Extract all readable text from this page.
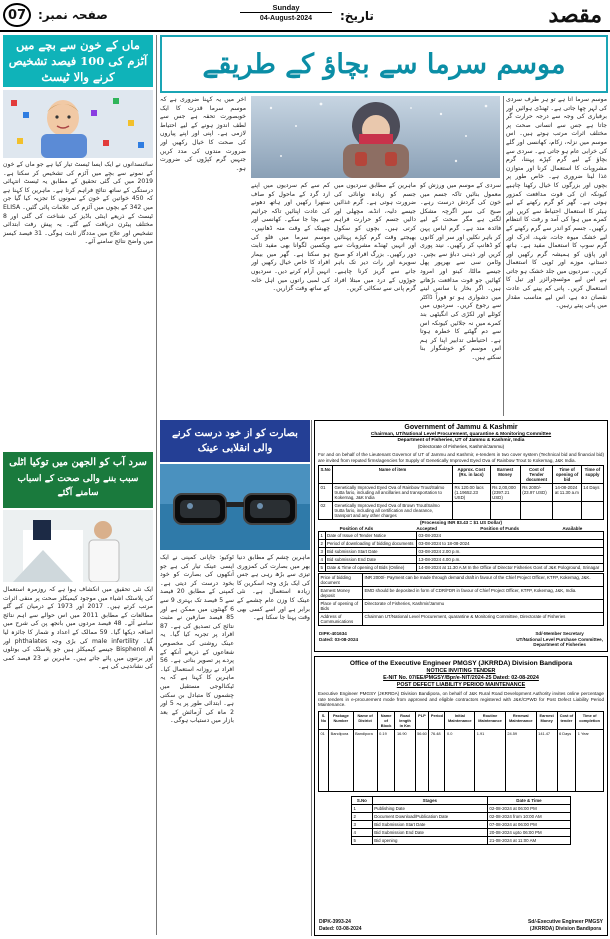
مقصد
تاریخ:
Sunday
04-August-2024
صفحہ نمبر:
07
موسم سرما سے بچاؤ کے طریقے
ماں کے خون سے بچے میں آٹزم کی 100 فیصد تشخیص کرنے والا ٹیسٹ
سائنسدانوں نے ایک ایسا ٹیسٹ تیار کیا ہے جو ماں کے خون کے نمونے سے بچے میں آٹزم کی تشخیص کر سکتا ہے۔ 2019 میں کی گئی تحقیق کے مطابق یہ ٹیسٹ انتہائی درستگی کے ساتھ نتائج فراہم کرتا ہے۔ ماہرین کا کہنا ہے کہ 450 خواتین کے خون کے نمونوں کا تجزیہ کیا گیا جن میں 342 کے بچوں میں آٹزم کی علامات پائی گئیں۔ ELISA ٹیسٹ کے ذریعے اینٹی باڈیز کی شناخت کی گئی اور 8 مختلف پیٹرن دریافت کیے گئے۔ یہ پیش رفت ابتدائی تشخیص اور علاج میں مددگار ثابت ہوگی۔ 31 فیصد کیسز میں واضح نتائج سامنے آئے۔
سرد آب کو الجھن میں توکیا اٹلی
سبب بننے والی صحت کے اسباب سامنے آگئے
ایک نئی تحقیق میں انکشاف ہوا ہے کہ روزمرہ استعمال کی پلاسٹک اشیاء میں موجود کیمیکلز صحت پر منفی اثرات مرتب کرتے ہیں۔ 2017 اور 1973 کے درمیان کیے گئے مطالعات کے مطابق 2011 میں اس حوالے سے اہم نتائج سامنے آئے۔ 48 فیصد مردوں میں بانجھ پن کی شرح میں اضافہ دیکھا گیا۔ 59 ممالک کے اعداد و شمار کا جائزہ لیا گیا۔ male infertility کی بڑی وجہ phthalates اور Bisphenol A جیسے کیمیکلز ہیں جو پلاسٹک کی بوتلوں اور برتنوں میں پائے جاتے ہیں۔ ماہرین نے 23 فیصد کمی کی نشاندہی کی ہے۔
موسم سرما آتا ہے تو ہر طرف سردی کی لہر چھا جاتی ہے۔ ٹھنڈی ہوائیں اور برفباری کی وجہ سے درجہ حرارت گر جاتا ہے جس سے انسانی صحت پر مختلف اثرات مرتب ہوتے ہیں۔ اس موسم میں نزلہ، زکام، کھانسی اور گلے کی خرابی عام ہو جاتی ہے۔ سردی سے بچاؤ کے لیے گرم کپڑے پہننا، گرم مشروبات کا استعمال کرنا اور متوازن غذا لینا ضروری ہے۔ خاص طور پر بچوں اور بزرگوں کا خیال رکھنا چاہیے کیونکہ ان کی قوت مدافعت کمزور ہوتی ہے۔ گھر کو گرم رکھنے کے لیے ہیٹر کا استعمال احتیاط سے کریں اور کمرے میں ہوا کی آمد و رفت کا انتظام رکھیں۔ جسم کو اندر سے گرم رکھنے کے لیے خشک میوہ جات، شہد، ادرک اور گرم سوپ کا استعمال مفید ہے۔ ہاتھ اور پاؤں کو ہمیشہ گرم رکھیں اور دستانے، موزے اور ٹوپی کا استعمال کریں۔ سردیوں میں جلد خشک ہو جاتی ہے اس لیے موئسچرائزر اور تیل کا استعمال کریں۔ پانی کم پینے کی عادت نقصان دہ ہے، اس لیے مناسب مقدار میں پانی پیتے رہیں۔
سردی کے موسم میں ورزش کو معمول بنائیں تاکہ جسم میں خون کی گردش درست رہے۔ صبح کی سیر اگرچہ مشکل لگتی ہے مگر صحت کے لیے فائدہ مند ہے۔ گرم لباس پہن کر باہر نکلیں اور سر اور کانوں کو ڈھانپ کر رکھیں۔ نیند پوری کریں اور ذہنی دباؤ سے بچیں۔ وٹامن سی سے بھرپور پھل جیسے مالٹا، کینو اور امرود کھائیں جو قوت مدافعت بڑھاتے ہیں۔ اگر بخار یا سانس لینے میں دشواری ہو تو فوراً ڈاکٹر سے رجوع کریں۔ سردیوں میں کوئلے اور لکڑی کی انگیٹھی بند کمرے میں نہ جلائیں کیونکہ اس سے دم گھٹنے کا خطرہ ہوتا ہے۔ احتیاطی تدابیر اپنا کر ہم اس موسم کو خوشگوار بنا سکتے ہیں۔
ماہرین کے مطابق سردیوں میں جسم کو زیادہ توانائی کی ضرورت ہوتی ہے۔ گرم غذائیں جیسے دلیہ، انڈے، مچھلی اور دالیں جسم کو حرارت فراہم کرتی ہیں۔ بچوں کو سکول بھیجتے وقت گرم کپڑے پہنائیں اور انہیں ٹھنڈے مشروبات سے دور رکھیں۔ بزرگ افراد کو صبح سویرے اور رات دیر تک باہر جانے سے گریز کرنا چاہیے۔ جوڑوں کے درد میں مبتلا افراد گرم پانی سے سکائی کریں۔
کم سے کم سردیوں میں اپنے ارد گرد کے ماحول کو صاف ستھرا رکھیں اور ہاتھ دھونے کی عادت اپنائیں تاکہ جراثیم سے بچا جا سکے۔ کھانسی اور چھینک کے وقت منہ ڈھانپیں۔ موسم سرما میں فلو کی ویکسین لگوانا بھی مفید ثابت ہو سکتا ہے۔ گھر میں بیمار افراد کا خاص خیال رکھیں اور انہیں آرام کرنے دیں۔ سردیوں کی لمبی راتوں میں اہل خانہ کے ساتھ وقت گزاریں۔
آخر میں یہ کہنا ضروری ہے کہ موسم سرما قدرت کا ایک خوبصورت تحفہ ہے جس سے لطف اندوز ہونے کے لیے احتیاط لازمی ہے۔ اپنی اور اپنے پیاروں کی صحت کا خیال رکھیں اور ضرورت مندوں کی مدد کریں جنہیں گرم کپڑوں کی ضرورت ہو۔
بصارت کو از خود درست کرنے والی انقلابی عینک
ٹوکیو: جاپانی کمپنی نے ایک ایسی عینک تیار کی ہے جو آنکھوں کی بصارت کو خود بخود درست کر دیتی ہے۔ کمپنی کے مطابق 20 فیصد سے 5 فیصد تک بہتری 9 سے 6 گھنٹوں میں ممکن ہے اور 85 فیصد صارفین نے مثبت نتائج کی تصدیق کی ہے۔ 87 افراد پر تجربہ کیا گیا۔ یہ عینک روشنی کی مخصوص شعاعوں کے ذریعے آنکھ کے پردے پر تصویر بناتی ہے۔ 56 افراد نے روزانہ استعمال کیا۔ ماہرین کا کہنا ہے کہ یہ ٹیکنالوجی مستقبل میں چشموں کا متبادل بن سکتی ہے۔ ابتدائی طور پر یہ 5 اور 2 ماہ کی آزمائش کے بعد بازار میں دستیاب ہوگی۔
ماہرین چشم کے مطابق دنیا بھر میں بصارت کی کمزوری تیزی سے بڑھ رہی ہے جس کی ایک بڑی وجہ اسکرین کا زیادہ استعمال ہے۔ نئی عینک کا وزن عام چشمے کے برابر ہے اور اسے کسی بھی وقت پہنا جا سکتا ہے۔
Government of Jammu & Kashmir
Chairman, UT/National Level Procurement, quarantine & Monitoring Committee
Department of Fisheries, UT of Jammu & Kashmir, India
(Directorate of Fisheries, Kashmir/Jammu)
For and on behalf of the Lieutenant Governor of UT of Jammu and Kashmir, e-tenders in two cover system (Technical bid and financial bid) are invited from reputed firms/agencies for Supply of Genetically Improved Eyed Ova of Rainbow Trout to Kokernag, J&K India.
S.No	Name of item	Approx. Cost (Rs. in lacs)	Earnest Money	Cost of Tender document	Time of opening of bid	Time of supply
01	Genetically Improved Eyed Ova of Rainbow Trout/Salmo trutta fario, including all ancillaries and transportation to Kokernag, J&K India	Rs 120.00 lacs (1.19652.23 USD)	Rs 2,00,000 (2397.21 USD)	Rs 2000/- (23.97 USD)	14-08-2024 at 11.30 a.m	14 Days
02	Genetically Improved Eyed Ova of Brown Trout/Salmo trutta fario, including all certification and clearance, transport and any other charges					
(Processing INR 83.43 = $1 US Dollar)
Position of Ads	Accepted	Position of Funds	Available
1	Date of Issue of Tender Notice	03-08-2024
2	Period of downloading of bidding documents	03-08-2024 to 18-08-2024
3	Bid submission Start Date	03-08-2024 2.00 p.m.
4	Bid submission End Date	13-08-2024 4.00 p.m.
5	Date & Time of opening of Bids (Online)	14-08-2024 at 11.30 A.M In the Office of Director Fisheries Govt of J&K Pologround, Srinagar
Price of bidding document	INR 2000/- Payment can be made through demand draft in favour of the Chief Project Officer, KTFP, Kokernag, J&K.
Earnest Money deposit	EMD should be deposited in form of CDR/FDR in favour of Chief Project Officer, KTFP, Kokernag, J&K, India.
Place of opening of Bids	Directorate of Fisheries, Kashmir/Jammu
Address of Communications	Chairman UT/National Level Procurement, quarantine & Monitoring Committee, Directorate of Fisheries
DIPK-401634
Dated: 03-08-2024
Sd/-Member Secretary
UT/National Level Purchase Committee,
Department of Fisheries
Office of the Executive Engineer PMGSY (JKRRDA) Division Bandipora
NOTICE INVITING TENDER
E-NIT No. 07/EE/PMGSY/Bpr/e-NIT/2024-25 Dated: 02-08-2024
POST DEFECT LIABILITY PERIOD MAINTENANCE
Executive Engineer PMGSY (JKRRDA) Division Bandipora, on behalf of J&K Rural Road Development Authority invites online percentage rate tenders in e-procurement mode from approved and eligible contractors registered with J&K/CPWD for Post Defect Liability Period Maintenance.
S. No	Package Number	Name of District	Name of Block	Road length in Km	PLP	Period	Initial Maintenance	Routine Maintenance	Renewal Maintenance	Earnest Money	Cost of tender	Time of completion
01	Bandipora	Bandipora	0.19	16.90	56.60	76.48	0.0	1.91	24.59	141.47	6 Days	1 Year
S.No	Stages	Date & Time
1	Publishing Date	02-08-2024 at 06:00 PM
2	Document Download/Publication Date	02-08-2024 from 10:00 AM
3	Bid Submission Start Date	07-08-2024 at 06:00 PM
4	Bid Submission End Date	20-08-2024 upto 06:00 PM
5	Bid opening	21-08-2024 at 11:00 AM
DIPK-3993-24
Dated: 03-08-2024
Sd/-Executive Engineer PMGSY
(JKRRDA) Division Bandipora
